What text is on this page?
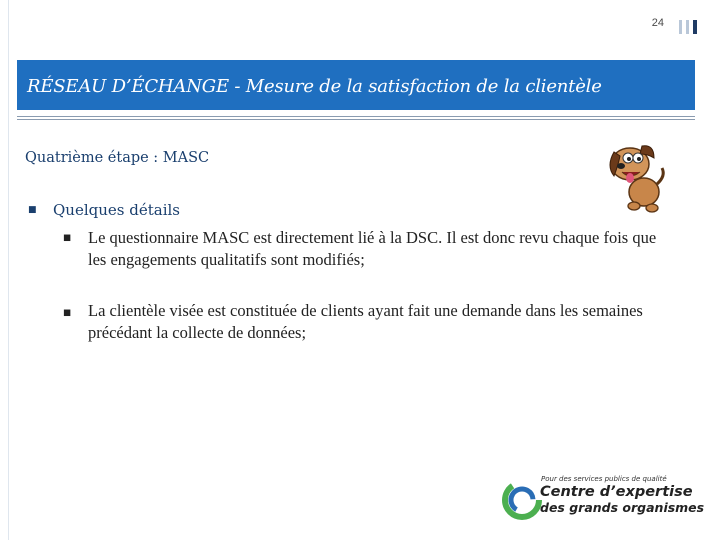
24
RÉSEAU D’ÉCHANGE - Mesure de la satisfaction de la clientèle
Quatrième étape : MASC
■ Quelques détails
■ Le questionnaire MASC est directement lié à la DSC. Il est donc revu chaque fois que les engagements qualitatifs sont modifiés;
■ La clientèle visée est constituée de clients ayant fait une demande dans les semaines précédant la collecte de données;
Pour des services publics de qualité
Centre d’expertise
des grands organismes
